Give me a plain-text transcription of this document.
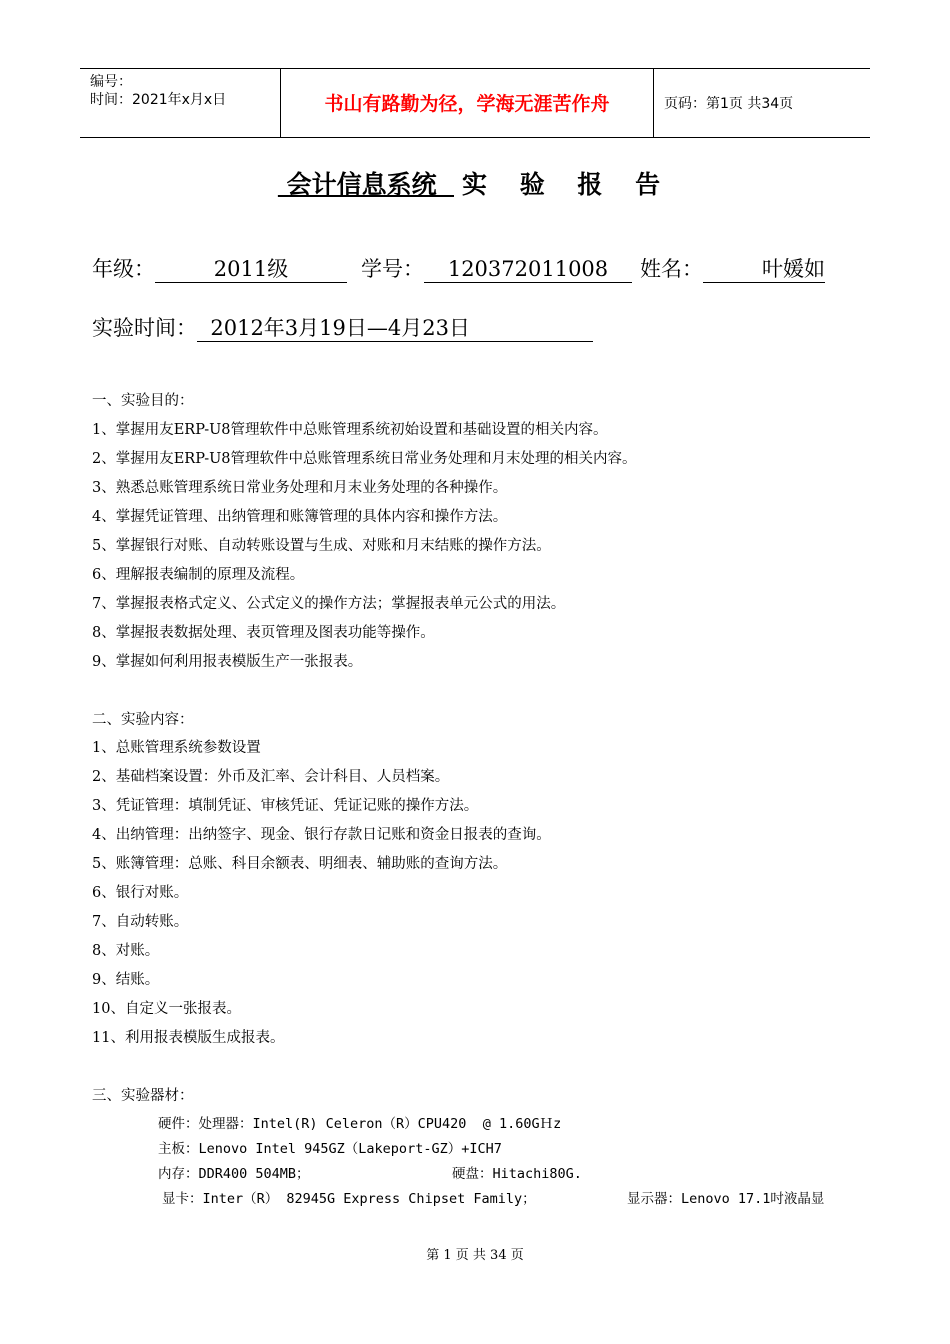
编号：
时间：2021年x月x日	书山有路勤为径，学海无涯苦作舟	页码：第1页 共34页
会计信息系统  实 验 报 告
年级：	2011级	学号： 120372011008 姓名：	叶媛如
实验时间： 2012年3月19日—4月23日
一、实验目的：
1、掌握用友ERP-U8管理软件中总账管理系统初始设置和基础设置的相关内容。
2、掌握用友ERP-U8管理软件中总账管理系统日常业务处理和月末处理的相关内容。
3、熟悉总账管理系统日常业务处理和月末业务处理的各种操作。
4、掌握凭证管理、出纳管理和账簿管理的具体内容和操作方法。
5、掌握银行对账、自动转账设置与生成、对账和月末结账的操作方法。
6、理解报表编制的原理及流程。
7、掌握报表格式定义、公式定义的操作方法；掌握报表单元公式的用法。
8、掌握报表数据处理、表页管理及图表功能等操作。
9、掌握如何利用报表模版生产一张报表。
二、实验内容：
1、总账管理系统参数设置
2、基础档案设置：外币及汇率、会计科目、人员档案。
3、凭证管理：填制凭证、审核凭证、凭证记账的操作方法。
4、出纳管理：出纳签字、现金、银行存款日记账和资金日报表的查询。
5、账簿管理：总账、科目余额表、明细表、辅助账的查询方法。
6、银行对账。
7、自动转账。
8、对账。
9、结账。
10、自定义一张报表。
11、利用报表模版生成报表。
三、实验器材：
硬件：处理器：Intel(R) Celeron（R）CPU420  @ 1.60GＨz
主板：Lenovo Intel 945GZ（Lakeport-GZ）+ICH7
内存：DDR400 504MB；	硬盘：Hitachi80G.
显卡：Inter（R） 82945G Express Chipset Family；	显示器：Lenovo 17.1吋液晶显
第 1 页 共 34 页
